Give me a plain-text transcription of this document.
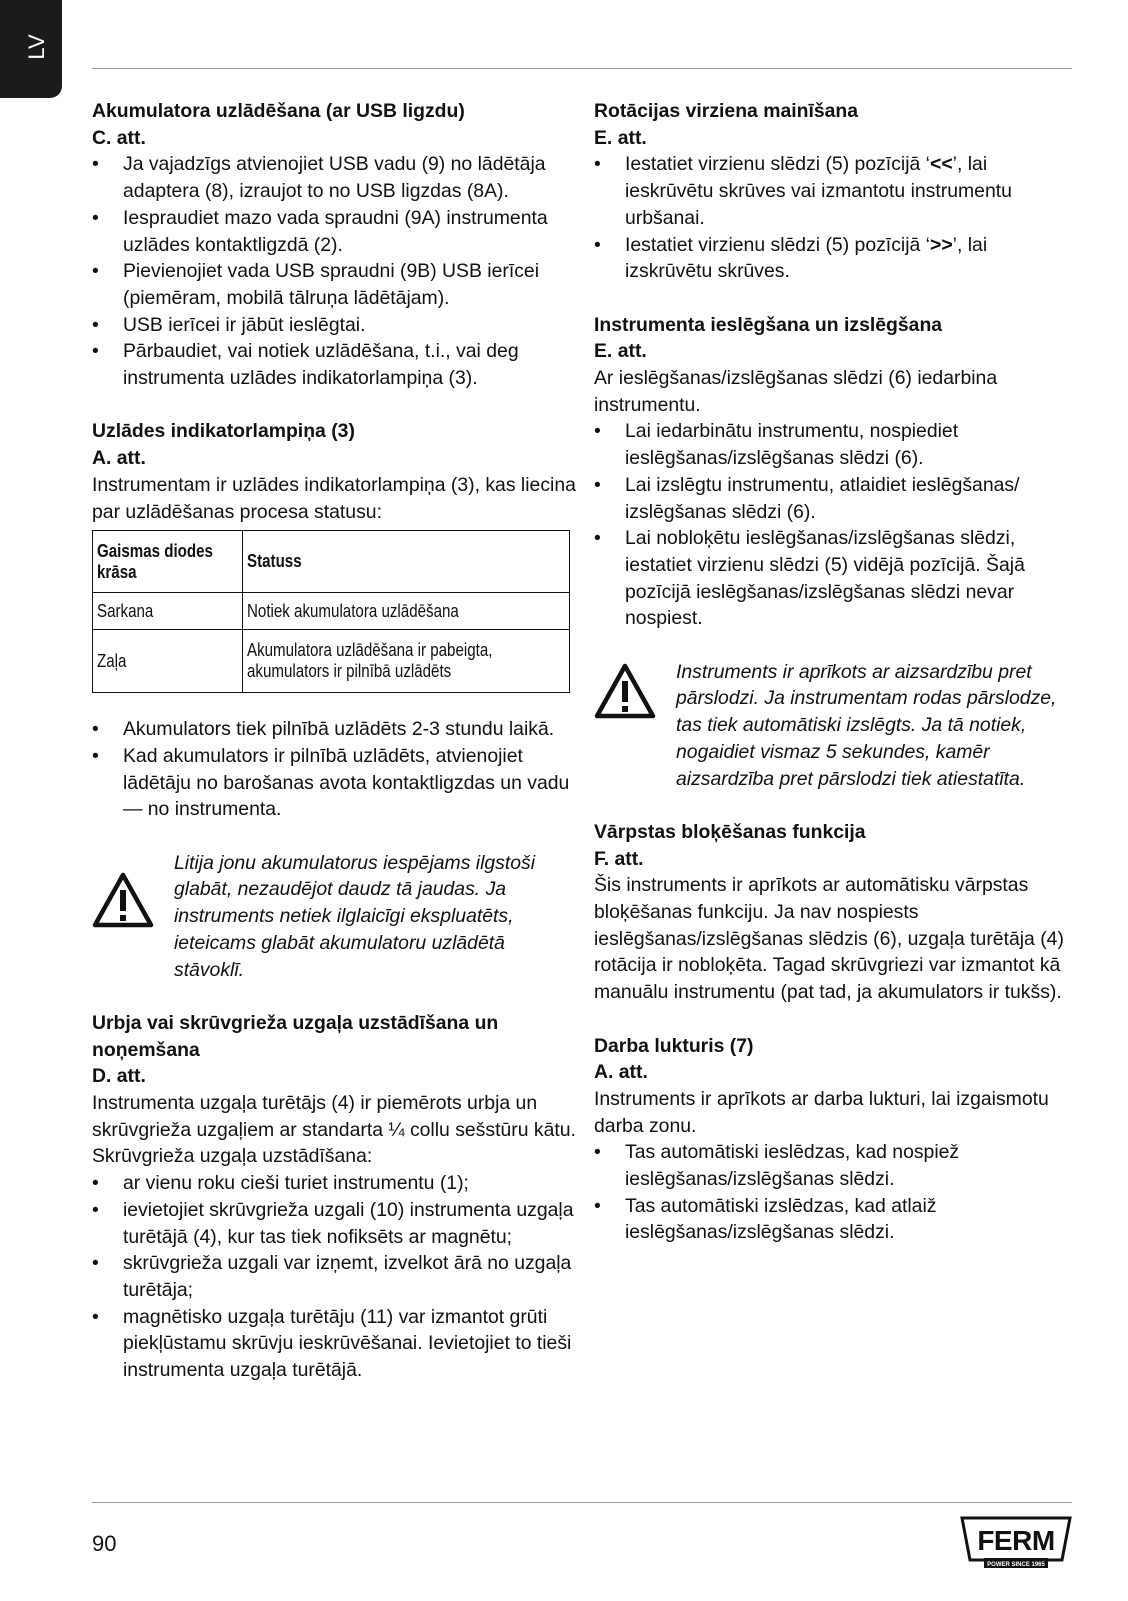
LV
Akumulatora uzlādēšana (ar USB ligzdu)
C. att.
• Ja vajadzīgs atvienojiet USB vadu (9) no lādētāja adaptera (8), izraujot to no USB ligzdas (8A).
• Iespraudiet mazo vada spraudni (9A) instrumenta uzlādes kontaktligzdā (2).
• Pievienojiet vada USB spraudni (9B) USB ierīcei (piemēram, mobilā tālruņa lādētājam).
• USB ierīcei ir jābūt ieslēgtai.
• Pārbaudiet, vai notiek uzlādēšana, t.i., vai deg instrumenta uzlādes indikatorlampiņa (3).
Uzlādes indikatorlampiņa (3)
A. att.

Instrumentam ir uzlādes indikatorlampiņa (3), kas liecina par uzlādēšanas procesa statusu:

Gaismas diodes
krāsa	Statuss
Sarkana	Notiek akumulatora uzlādēšana
Zaļa	Akumulatora uzlādēšana ir pabeigta,
akumulators ir pilnībā uzlādēts
• Akumulators tiek pilnībā uzlādēts 2-3 stundu laikā.
• Kad akumulators ir pilnībā uzlādēts, atvienojiet lādētāju no barošanas avota kontaktligzdas un vadu — no instrumenta.
Litija jonu akumulatorus iespējams ilgstoši glabāt, nezaudējot daudz tā jaudas. Ja instruments netiek ilglaicīgi ekspluatēts, ieteicams glabāt akumulatoru uzlādētā stāvoklī.
Urbja vai skrūvgrieža uzgaļa uzstādīšana un noņemšana
D. att.

Instrumenta uzgaļa turētājs (4) ir piemērots urbja un skrūvgrieža uzgaļiem ar standarta ¼ collu sešstūru kātu. Skrūvgrieža uzgaļa uzstādīšana:

• ar vienu roku cieši turiet instrumentu (1);
• ievietojiet skrūvgrieža uzgali (10) instrumenta uzgaļa turētājā (4), kur tas tiek nofiksēts ar magnētu;
• skrūvgrieža uzgali var izņemt, izvelkot ārā no uzgaļa turētāja;
• magnētisko uzgaļa turētāju (11) var izmantot grūti piekļūstamu skrūvju ieskrūvēšanai. Ievietojiet to tieši instrumenta uzgaļa turētājā.
Rotācijas virziena mainīšana
E. att.
• Iestatiet virzienu slēdzi (5) pozīcijā ‘<<’, lai ieskrūvētu skrūves vai izmantotu instrumentu urbšanai.
• Iestatiet virzienu slēdzi (5) pozīcijā ‘>>’, lai izskrūvētu skrūves.
Instrumenta ieslēgšana un izslēgšana
E. att.

Ar ieslēgšanas/izslēgšanas slēdzi (6) iedarbina instrumentu.

• Lai iedarbinātu instrumentu, nospiediet ieslēgšanas/izslēgšanas slēdzi (6).
• Lai izslēgtu instrumentu, atlaidiet ieslēgšanas/ izslēgšanas slēdzi (6).
• Lai nobloķētu ieslēgšanas/izslēgšanas slēdzi, iestatiet virzienu slēdzi (5) vidējā pozīcijā. Šajā pozīcijā ieslēgšanas/izslēgšanas slēdzi nevar nospiest.
Instruments ir aprīkots ar aizsardzību pret pārslodzi. Ja instrumentam rodas pārslodze, tas tiek automātiski izslēgts. Ja tā notiek, nogaidiet vismaz 5 sekundes, kamēr aizsardzība pret pārslodzi tiek atiestatīta.
Vārpstas bloķēšanas funkcija
F. att.

Šis instruments ir aprīkots ar automātisku vārpstas bloķēšanas funkciju. Ja nav nospiests ieslēgšanas/izslēgšanas slēdzis (6), uzgaļa turētāja (4) rotācija ir nobloķēta. Tagad skrūvgriezi var izmantot kā manuālu instrumentu (pat tad, ja akumulators ir tukšs).

Darba lukturis (7)
A. att.

Instruments ir aprīkots ar darba lukturi, lai izgaismotu darba zonu.

• Tas automātiski ieslēdzas, kad nospiež ieslēgšanas/izslēgšanas slēdzi.
• Tas automātiski izslēdzas, kad atlaiž ieslēgšanas/izslēgšanas slēdzi.
90	FERM
POWER SINCE 1965
